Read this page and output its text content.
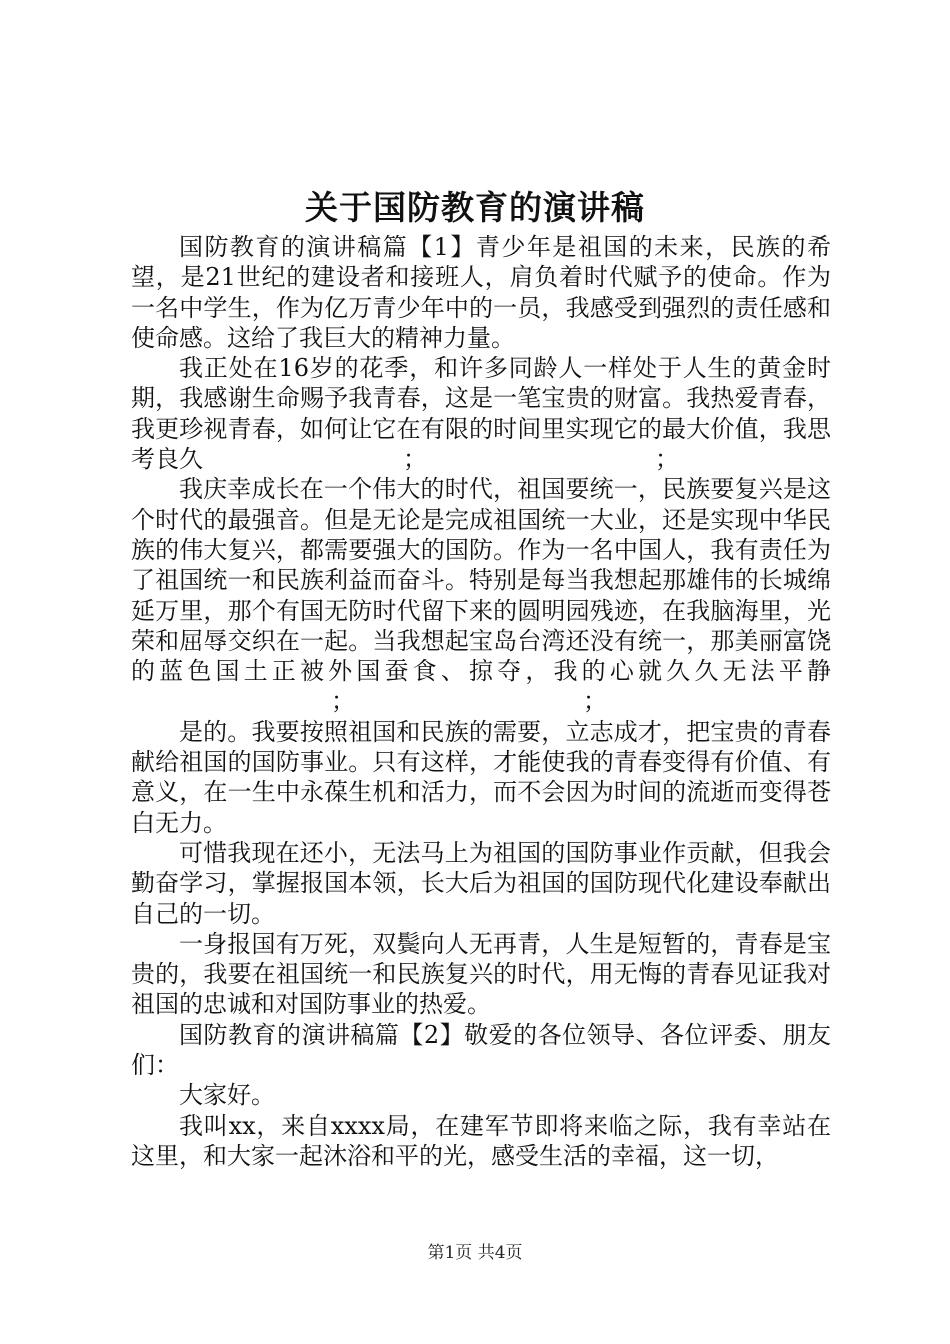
关于国防教育的演讲稿

国防教育的演讲稿篇【1】青少年是祖国的未来，民族的希望，是21世纪的建设者和接班人，肩负着时代赋予的使命。作为一名中学生，作为亿万青少年中的一员，我感受到强烈的责任感和使命感。这给了我巨大的精神力量。

我正处在16岁的花季，和许多同龄人一样处于人生的黄金时期，我感谢生命赐予我青春，这是一笔宝贵的财富。我热爱青春，我更珍视青春，如何让它在有限的时间里实现它的最大价值，我思考良久	；	；

我庆幸成长在一个伟大的时代，祖国要统一，民族要复兴是这个时代的最强音。但是无论是完成祖国统一大业，还是实现中华民族的伟大复兴，都需要强大的国防。作为一名中国人，我有责任为了祖国统一和民族利益而奋斗。特别是每当我想起那雄伟的长城绵延万里，那个有国无防时代留下来的圆明园残迹，在我脑海里，光荣和屈辱交织在一起。当我想起宝岛台湾还没有统一，那美丽富饶的蓝色国土正被外国蚕食、掠夺，我的心就久久无法平静；	；

是的。我要按照祖国和民族的需要，立志成才，把宝贵的青春献给祖国的国防事业。只有这样，才能使我的青春变得有价值、有意义，在一生中永葆生机和活力，而不会因为时间的流逝而变得苍白无力。

可惜我现在还小，无法马上为祖国的国防事业作贡献，但我会勤奋学习，掌握报国本领，长大后为祖国的国防现代化建设奉献出自己的一切。

一身报国有万死，双鬓向人无再青，人生是短暂的，青春是宝贵的，我要在祖国统一和民族复兴的时代，用无悔的青春见证我对祖国的忠诚和对国防事业的热爱。

国防教育的演讲稿篇【2】敬爱的各位领导、各位评委、朋友们：

大家好。

我叫xx，来自xxxx局，在建军节即将来临之际，我有幸站在这里，和大家一起沐浴和平的光，感受生活的幸福，这一切，

第1页 共4页
